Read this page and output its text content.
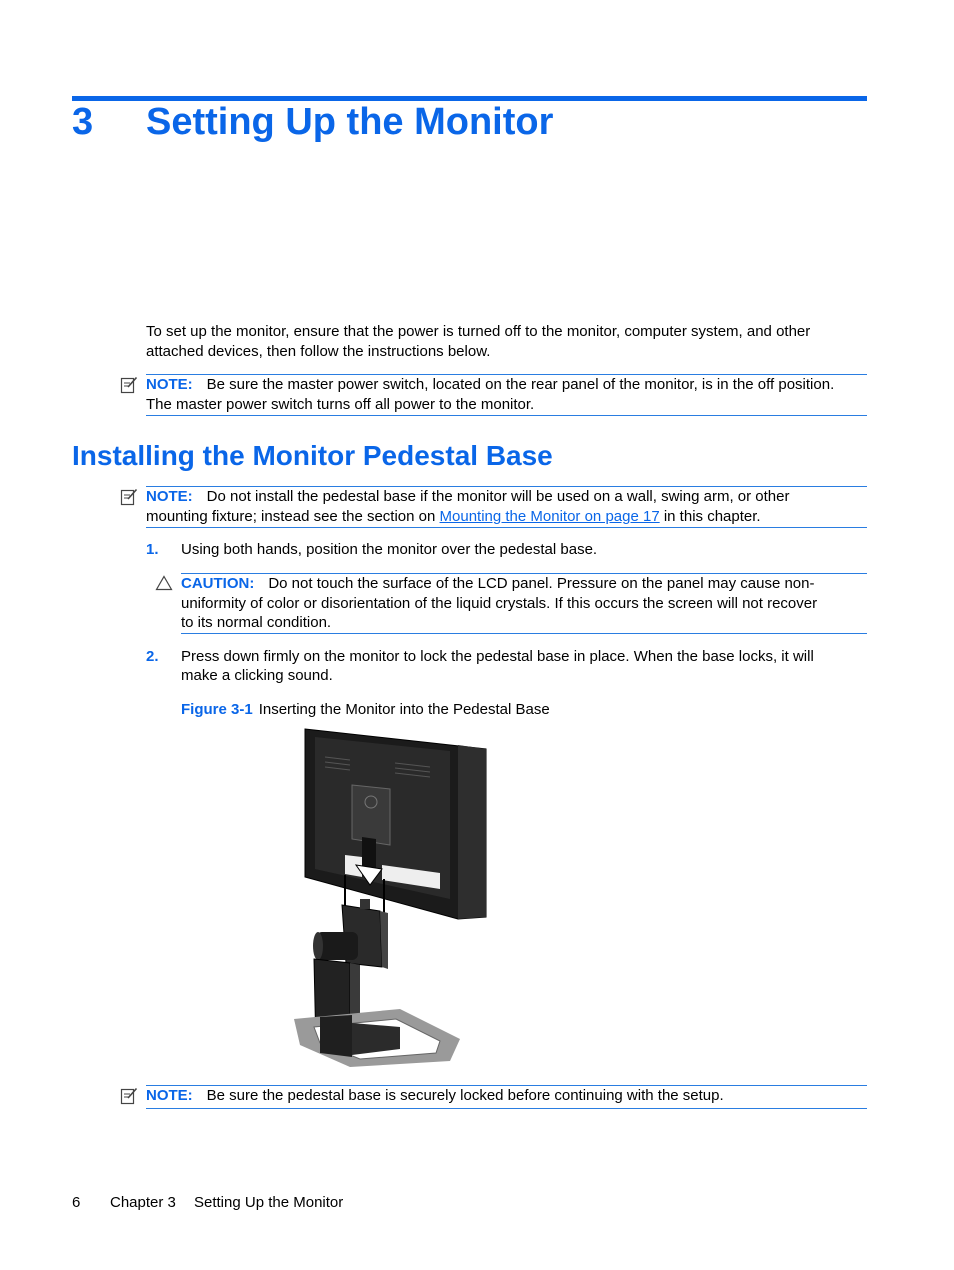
3 Setting Up the Monitor
To set up the monitor, ensure that the power is turned off to the monitor, computer system, and other attached devices, then follow the instructions below.
NOTE: Be sure the master power switch, located on the rear panel of the monitor, is in the off position.
The master power switch turns off all power to the monitor.
Installing the Monitor Pedestal Base
NOTE: Do not install the pedestal base if the monitor will be used on a wall, swing arm, or other
mounting fixture; instead see the section on Mounting the Monitor on page 17 in this chapter.
1. Using both hands, position the monitor over the pedestal base.
CAUTION: Do not touch the surface of the LCD panel. Pressure on the panel may cause non-
uniformity of color or disorientation of the liquid crystals. If this occurs the screen will not recover
to its normal condition.
2. Press down firmly on the monitor to lock the pedestal base in place. When the base locks, it will
make a clicking sound.
Figure 3-1 Inserting the Monitor into the Pedestal Base
NOTE: Be sure the pedestal base is securely locked before continuing with the setup.
6 Chapter 3 Setting Up the Monitor
